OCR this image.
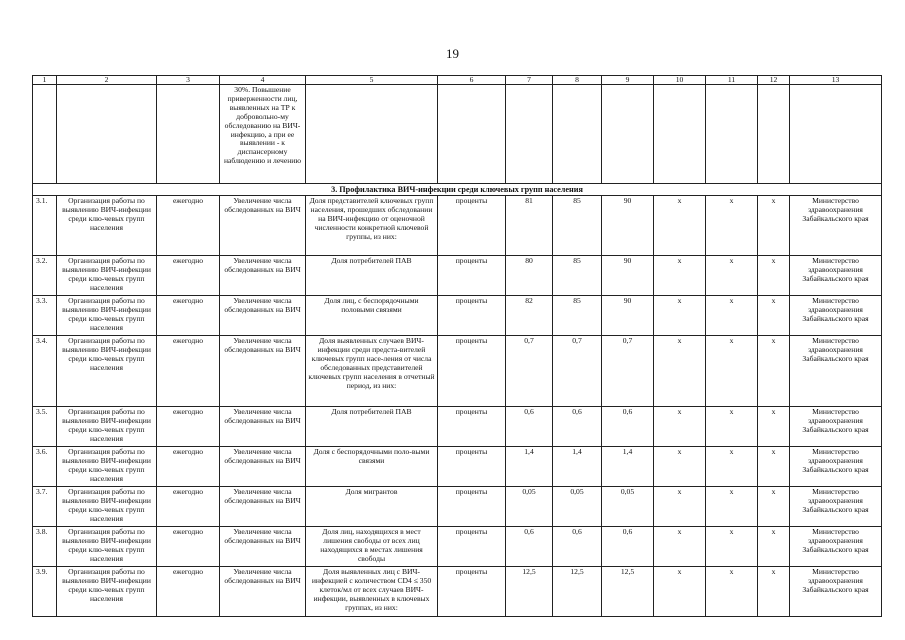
19
1	2	3	4	5	6	7	8	9	10	11	12	13
			30%. Повышение приверженности лиц, выявленных на ТР к добровольно-му обследованию на ВИЧ-инфекцию, а при ее выявлении - к диспансерному наблюдению и лечению									
3. Профилактика ВИЧ-инфекции среди ключевых групп населения												
3.1.	Организация работы по выявлению ВИЧ-инфекции среди клю-чевых групп населения	ежегодно	Увеличение числа обследованных на ВИЧ	Доля представителей ключевых групп населения, прошедших обследовании на ВИЧ-инфекцию от оценочной численности конкретной ключевой группы, из них:	проценты	81	85	90	х	х	х	Министерство здравоохранения Забайкальского края
3.2.	Организация работы по выявлению ВИЧ-инфекции среди клю-чевых групп населения	ежегодно	Увеличение числа обследованных на ВИЧ	Доля потребителей ПАВ	проценты	80	85	90	х	х	х	Министерство здравоохранения Забайкальского края
3.3.	Организация работы по выявлению ВИЧ-инфекции среди клю-чевых групп населения	ежегодно	Увеличение числа обследованных на ВИЧ	Доля лиц, с беспорядочными половыми связями	проценты	82	85	90	х	х	х	Министерство здравоохранения Забайкальского края
3.4.	Организация работы по выявлению ВИЧ-инфекции среди клю-чевых групп населения	ежегодно	Увеличение числа обследованных на ВИЧ	Доля выявленных случаев ВИЧ-инфекции среди предста-вителей ключевых групп насе-ления от числа обследованных представителей ключевых групп населения в отчетный период, из них:	проценты	0,7	0,7	0,7	х	х	х	Министерство здравоохранения Забайкальского края
3.5.	Организация работы по выявлению ВИЧ-инфекции среди клю-чевых групп населения	ежегодно	Увеличение числа обследованных на ВИЧ	Доля потребителей ПАВ	проценты	0,6	0,6	0,6	х	х	х	Министерство здравоохранения Забайкальского края
3.6.	Организация работы по выявлению ВИЧ-инфекции среди клю-чевых групп населения	ежегодно	Увеличение числа обследованных на ВИЧ	Доля с беспорядочными поло-выми связями	проценты	1,4	1,4	1,4	х	х	х	Министерство здравоохранения Забайкальского края
3.7.	Организация работы по выявлению ВИЧ-инфекции среди клю-чевых групп населения	ежегодно	Увеличение числа обследованных на ВИЧ	Доля мигрантов	проценты	0,05	0,05	0,05	х	х	х	Министерство здравоохранения Забайкальского края
3.8.	Организация работы по выявлению ВИЧ-инфекции среди клю-чевых групп населения	ежегодно	Увеличение числа обследованных на ВИЧ	Доля лиц, находящихся в мест лишения свободы от всех лиц находящихся в местах лишения свободы	проценты	0,6	0,6	0,6	х	х	х	Министерство здравоохранения Забайкальского края
3.9.	Организация работы по выявлению ВИЧ-инфекции среди клю-чевых групп населения	ежегодно	Увеличение числа обследованных на ВИЧ	Доля выявленных лиц с ВИЧ-инфекцией с количеством CD4 ≤ 350 клеток/мл от всех случаев ВИЧ-инфекции, выявленных в ключевых группах, из них:	проценты	12,5	12,5	12,5	х	х	х	Министерство здравоохранения Забайкальского края
